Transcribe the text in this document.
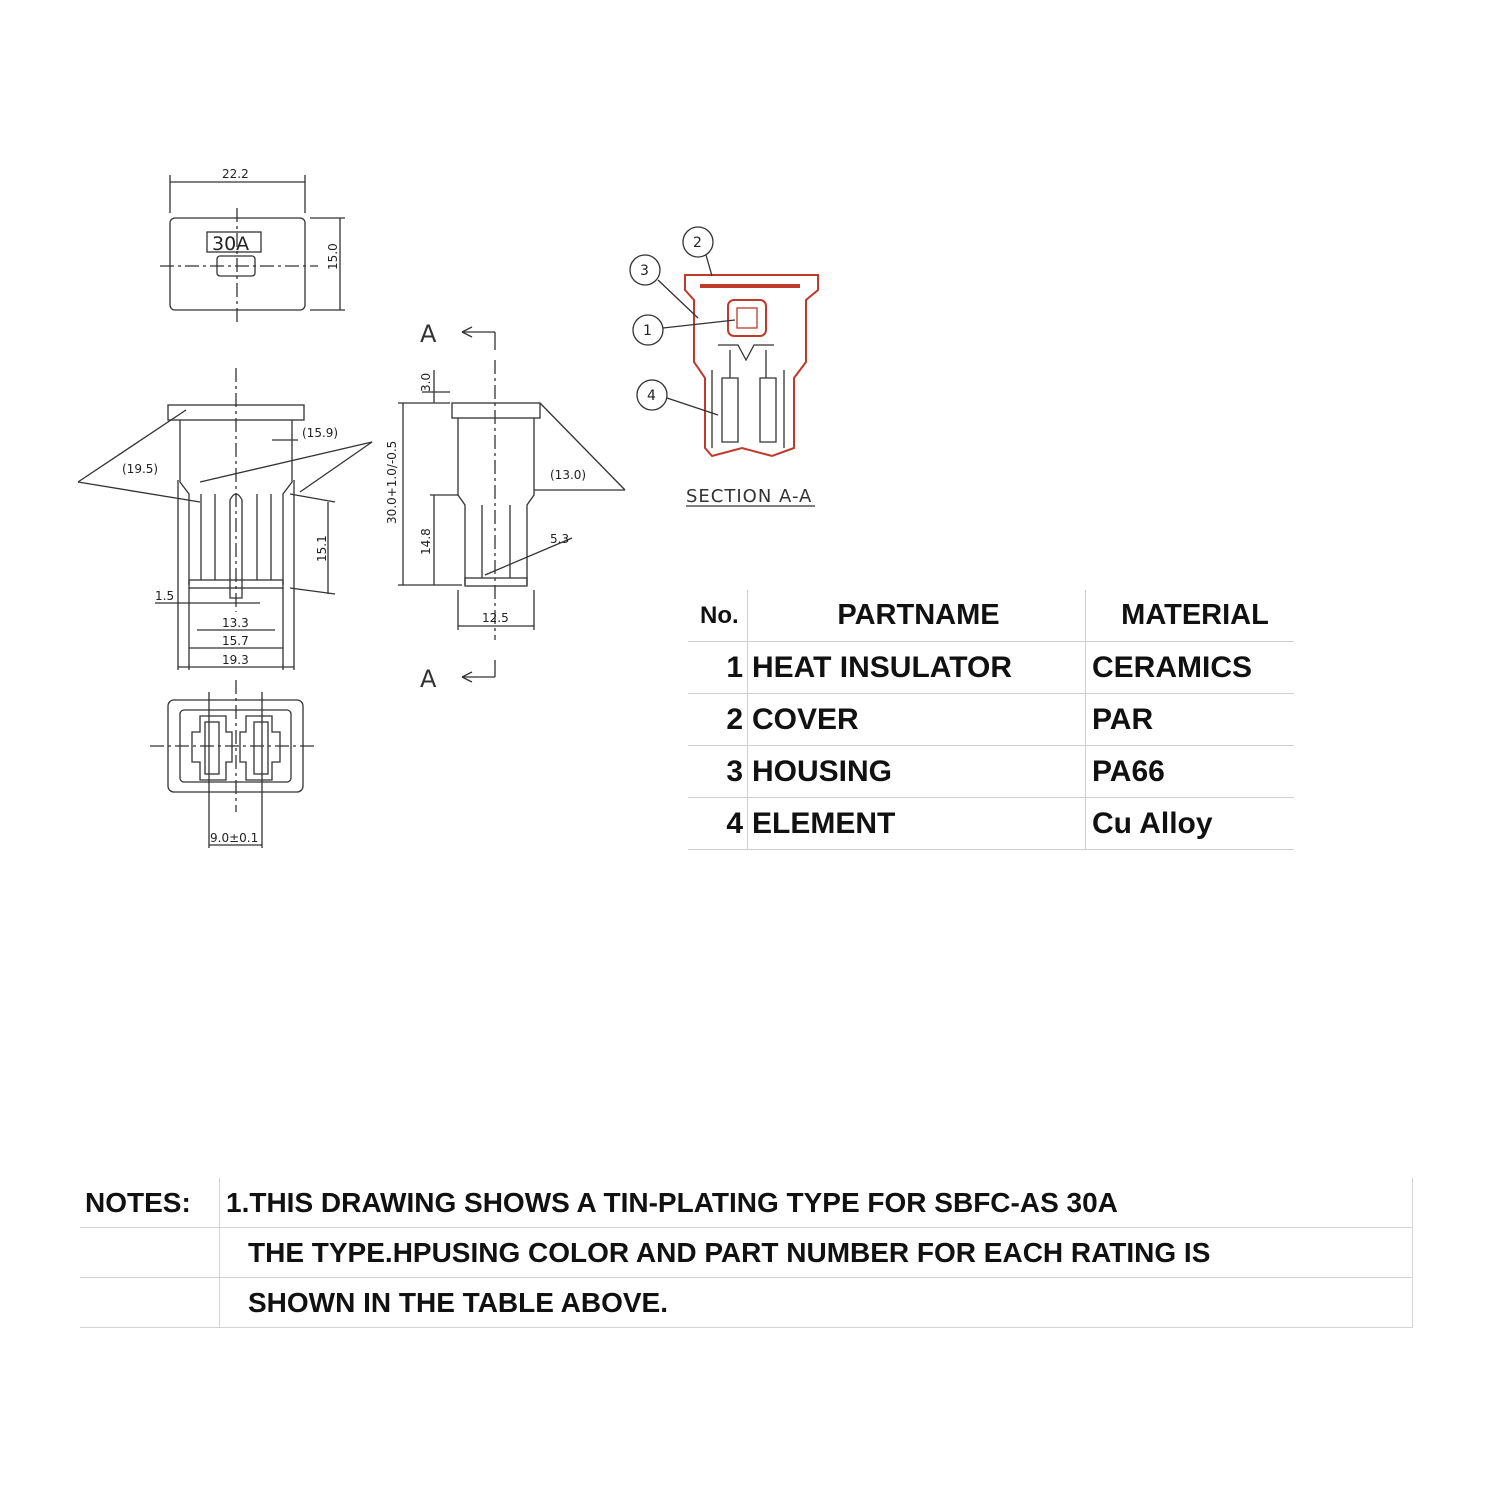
22.2
15.0
30A
(19.5)
(15.9)
15.1
1.5
13.3
15.7
19.3
A
A
3.0
30.0+1.0/-0.5
14.8
(13.0)
5.3
12.5
9.0±0.1
2
3
1
4
SECTION A-A
No.	PARTNAME	MATERIAL
1	HEAT INSULATOR	CERAMICS
2	COVER	PAR
3	HOUSING	PA66
4	ELEMENT	Cu Alloy
NOTES:	1.THIS DRAWING SHOWS A TIN-PLATING TYPE FOR SBFC-AS 30A
	THE TYPE.HPUSING COLOR AND PART NUMBER FOR EACH RATING IS
	SHOWN IN THE TABLE ABOVE.
